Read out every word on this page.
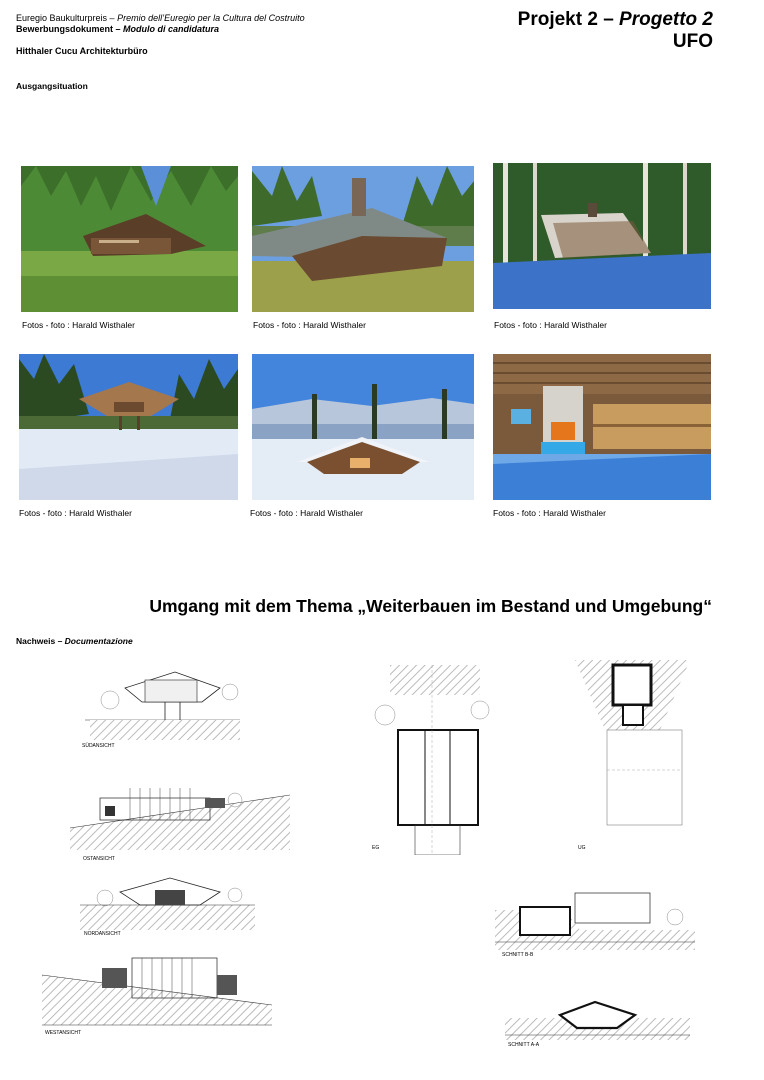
Euregio Baukulturpreis – Premio dell’Euregio per la Cultura del Costruito
Bewerbungsdokument – Modulo di candidatura
Hitthaler Cucu Architekturbüro
Projekt 2 – Progetto 2
UFO
Ausgangsituation
Fotos - foto : Harald Wisthaler	Fotos - foto : Harald Wisthaler	Fotos - foto : Harald Wisthaler
Fotos - foto : Harald Wisthaler	Fotos - foto : Harald Wisthaler	Fotos - foto : Harald Wisthaler
Umgang mit dem Thema „Weiterbauen im Bestand und Umgebung“
Nachweis – Documentazione
SÜDANSICHT
OSTANSICHT
NORDANSICHT
WESTANSICHT
EG	UG
SCHNITT B-B
SCHNITT A-A
